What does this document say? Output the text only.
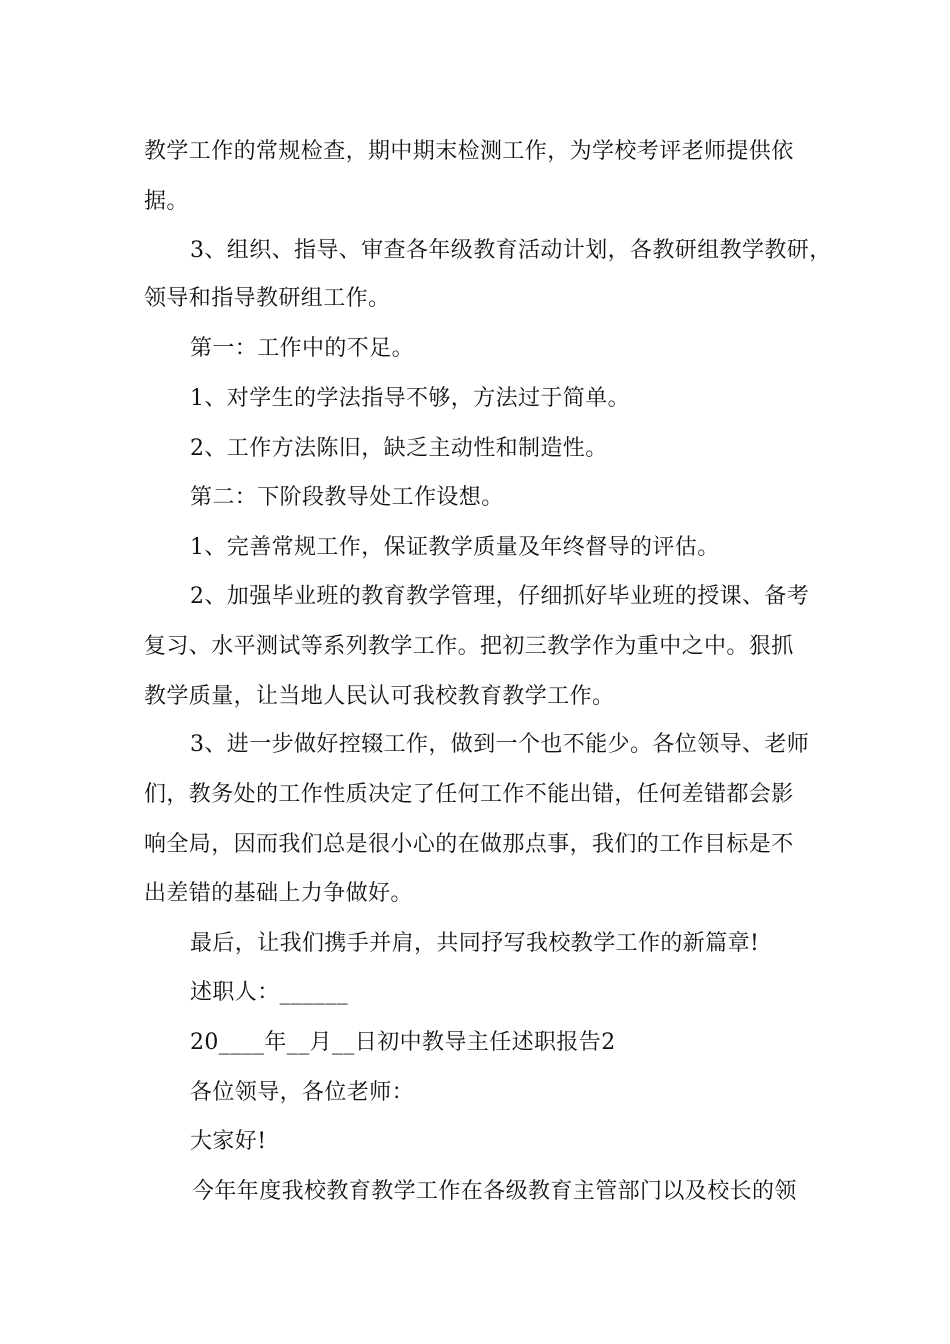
教学工作的常规检查，期中期末检测工作，为学校考评老师提供依
据。
3、组织、指导、审查各年级教育活动计划，各教研组教学教研，
领导和指导教研组工作。
第一：工作中的不足。
1、对学生的学法指导不够，方法过于简单。
2、工作方法陈旧，缺乏主动性和制造性。
第二：下阶段教导处工作设想。
1、完善常规工作，保证教学质量及年终督导的评估。
2、加强毕业班的教育教学管理，仔细抓好毕业班的授课、备考
复习、水平测试等系列教学工作。把初三教学作为重中之中。狠抓
教学质量，让当地人民认可我校教育教学工作。
3、进一步做好控辍工作，做到一个也不能少。各位领导、老师
们，教务处的工作性质决定了任何工作不能出错，任何差错都会影
响全局，因而我们总是很小心的在做那点事，我们的工作目标是不
出差错的基础上力争做好。
最后，让我们携手并肩，共同抒写我校教学工作的新篇章!
述职人：______
20____年__月__日初中教导主任述职报告2
各位领导，各位老师：
大家好!
今年年度我校教育教学工作在各级教育主管部门以及校长的领
